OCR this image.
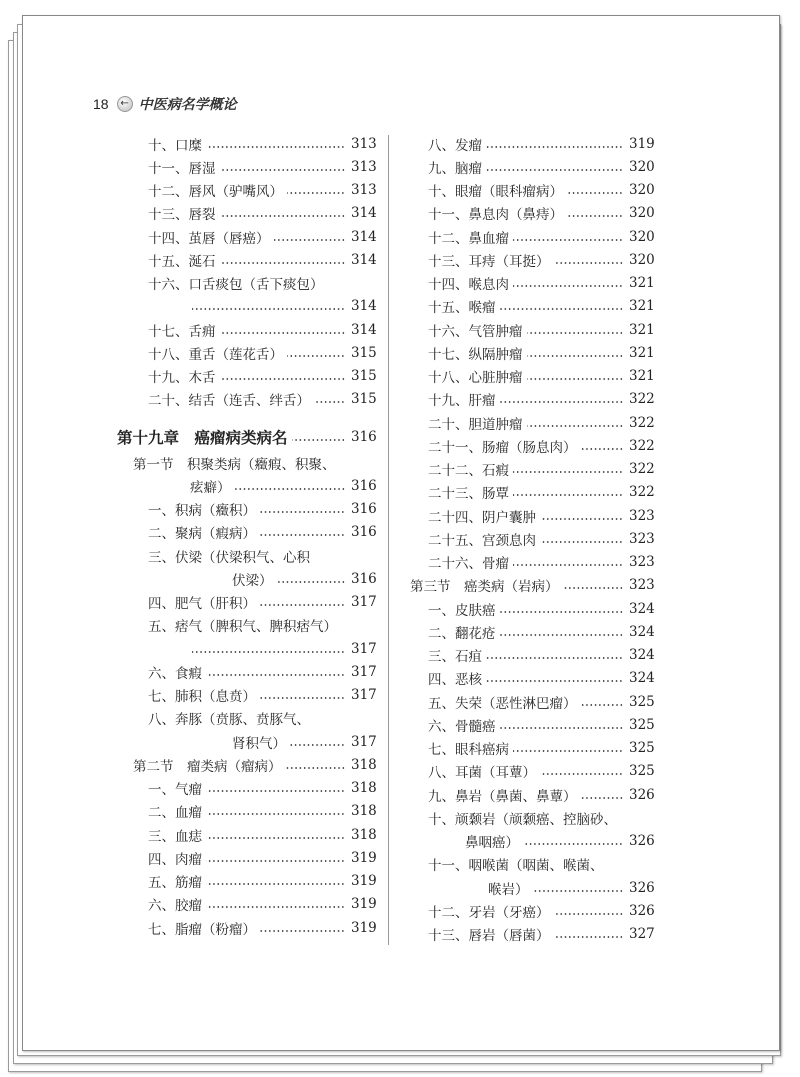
18	← 中医病名学概论
十、口糜	313
十一、唇湿	313
十二、唇风（驴嘴风）	313
十三、唇裂	314
十四、茧唇（唇癌）	314
十五、涎石	314
十六、口舌痰包（舌下痰包）
314
十七、舌痈	314
十八、重舌（莲花舌）	315
十九、木舌	315
二十、结舌（连舌、绊舌）	315
第十九章　癌瘤病类病名	316
第一节　积聚类病（癥瘕、积聚、
痃癖）	316
一、积病（癥积）	316
二、聚病（瘕病）	316
三、伏梁（伏梁积气、心积
伏梁）	316
四、肥气（肝积）	317
五、痞气（脾积气、脾积痞气）
317
六、食瘕	317
七、肺积（息贲）	317
八、奔豚（贲豚、贲豚气、
肾积气）	317
第二节　瘤类病（瘤病）	318
一、气瘤	318
二、血瘤	318
三、血痣	318
四、肉瘤	319
五、筋瘤	319
六、胶瘤	319
七、脂瘤（粉瘤）	319
八、发瘤	319
九、脑瘤	320
十、眼瘤（眼科瘤病）	320
十一、鼻息肉（鼻痔）	320
十二、鼻血瘤	320
十三、耳痔（耳挺）	320
十四、喉息肉	321
十五、喉瘤	321
十六、气管肿瘤	321
十七、纵隔肿瘤	321
十八、心脏肿瘤	321
十九、肝瘤	322
二十、胆道肿瘤	322
二十一、肠瘤（肠息肉）	322
二十二、石瘕	322
二十三、肠覃	322
二十四、阴户囊肿	323
二十五、宫颈息肉	323
二十六、骨瘤	323
第三节　癌类病（岩病）	323
一、皮肤癌	324
二、翻花疮	324
三、石疽	324
四、恶核	324
五、失荣（恶性淋巴瘤）	325
六、骨髓癌	325
七、眼科癌病	325
八、耳菌（耳蕈）	325
九、鼻岩（鼻菌、鼻蕈）	326
十、颃颡岩（颃颡癌、控脑砂、
鼻咽癌）	326
十一、咽喉菌（咽菌、喉菌、
喉岩）	326
十二、牙岩（牙癌）	326
十三、唇岩（唇菌）	327
